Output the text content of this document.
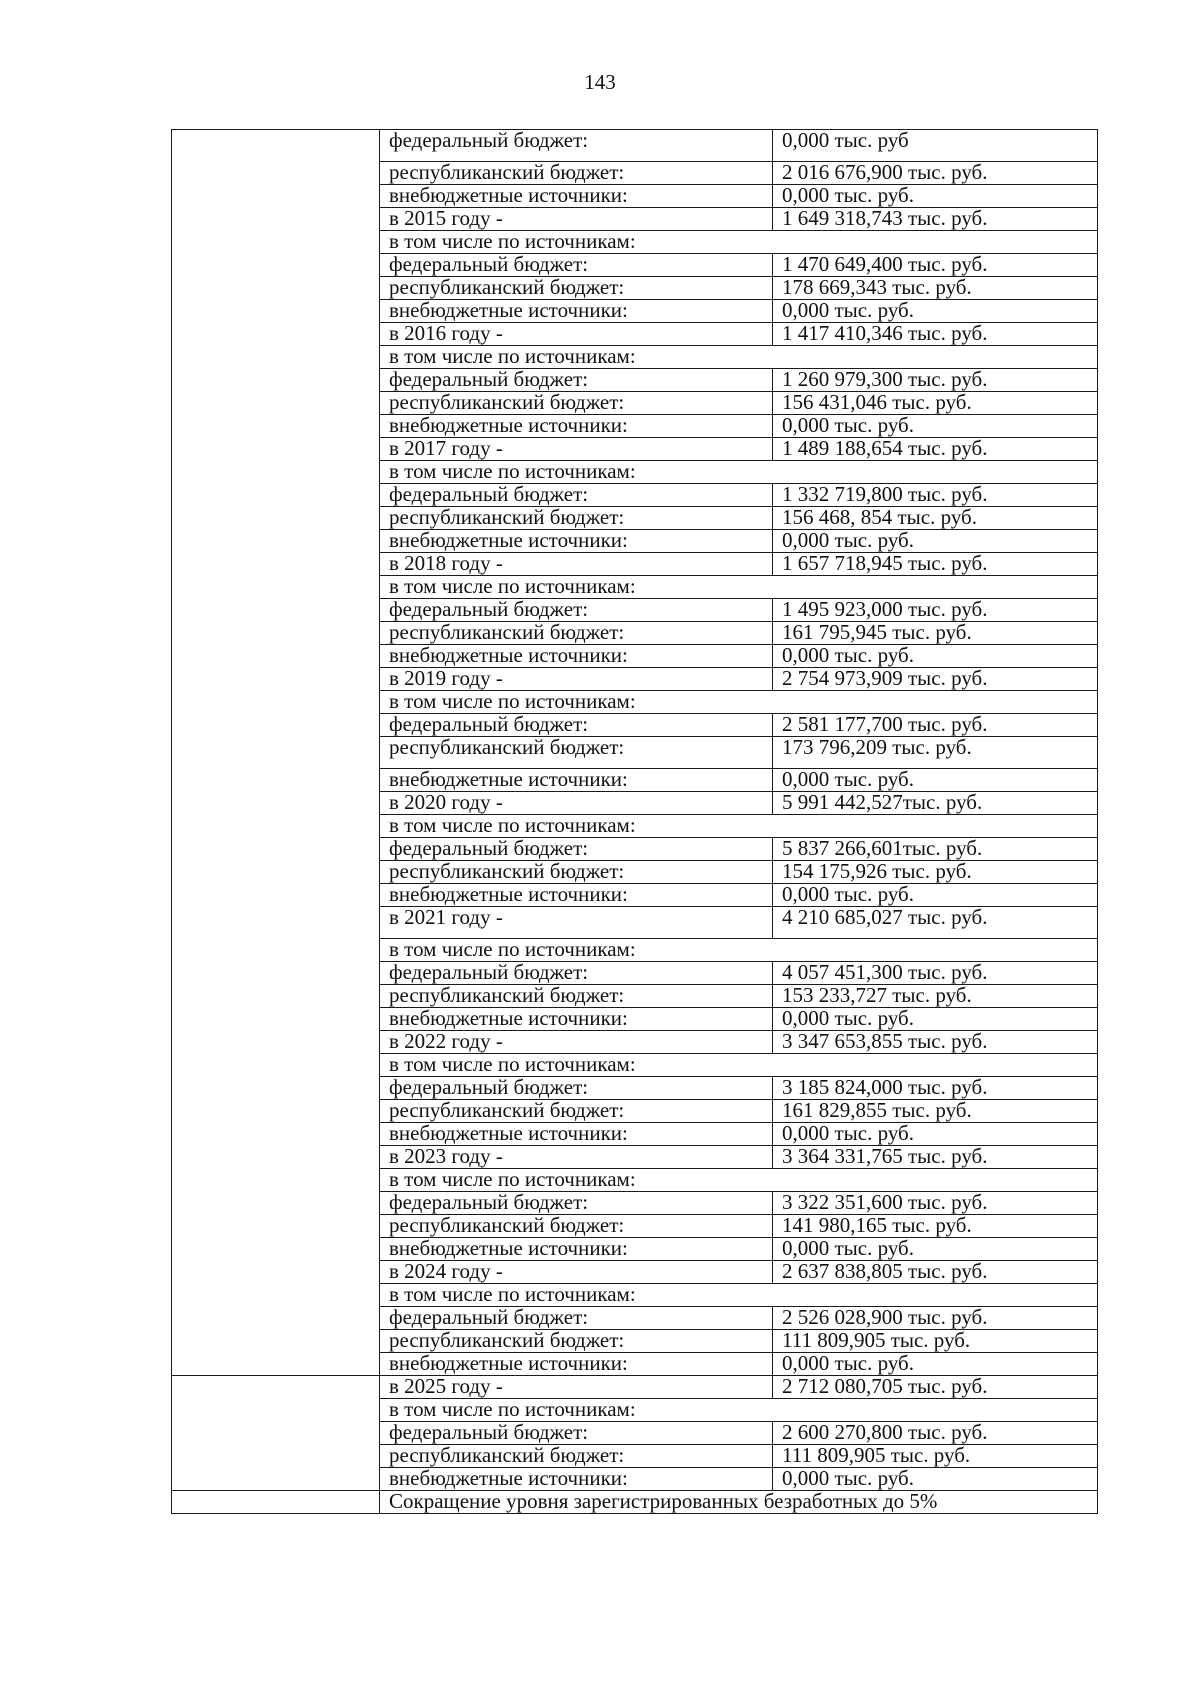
143
	федеральный бюджет:	0,000 тыс. руб
	республиканский бюджет:	2 016 676,900 тыс. руб.
	внебюджетные источники:	0,000 тыс. руб.
	в 2015 году -	1 649 318,743 тыс. руб.
	в том числе по источникам:	
	федеральный бюджет:	1 470 649,400 тыс. руб.
	республиканский бюджет:	178 669,343 тыс. руб.
	внебюджетные источники:	0,000 тыс. руб.
	в 2016 году -	1 417 410,346 тыс. руб.
	в том числе по источникам:	
	федеральный бюджет:	1 260 979,300 тыс. руб.
	республиканский бюджет:	156 431,046 тыс. руб.
	внебюджетные источники:	0,000 тыс. руб.
	в 2017 году -	1 489 188,654 тыс. руб.
	в том числе по источникам:	
	федеральный бюджет:	1 332 719,800 тыс. руб.
	республиканский бюджет:	156 468, 854 тыс. руб.
	внебюджетные источники:	0,000 тыс. руб.
	в 2018 году -	1 657 718,945 тыс. руб.
	в том числе по источникам:	
	федеральный бюджет:	1 495 923,000 тыс. руб.
	республиканский бюджет:	161 795,945 тыс. руб.
	внебюджетные источники:	0,000 тыс. руб.
	в 2019 году -	2 754 973,909 тыс. руб.
	в том числе по источникам:	
	федеральный бюджет:	2 581 177,700 тыс. руб.
	республиканский бюджет:	173 796,209 тыс. руб.
	внебюджетные источники:	0,000 тыс. руб.
	в 2020 году -	5 991 442,527тыс. руб.
	в том числе по источникам:	
	федеральный бюджет:	5 837 266,601тыс. руб.
	республиканский бюджет:	154 175,926 тыс. руб.
	внебюджетные источники:	0,000 тыс. руб.
	в 2021 году -	4 210 685,027 тыс. руб.
	в том числе по источникам:	
	федеральный бюджет:	4 057 451,300 тыс. руб.
	республиканский бюджет:	153 233,727 тыс. руб.
	внебюджетные источники:	0,000 тыс. руб.
	в 2022 году -	3 347 653,855 тыс. руб.
	в том числе по источникам:	
	федеральный бюджет:	3 185 824,000 тыс. руб.
	республиканский бюджет:	161 829,855 тыс. руб.
	внебюджетные источники:	0,000 тыс. руб.
	в 2023 году -	3 364 331,765 тыс. руб.
	в том числе по источникам:	
	федеральный бюджет:	3 322 351,600 тыс. руб.
	республиканский бюджет:	141 980,165 тыс. руб.
	внебюджетные источники:	0,000 тыс. руб.
	в 2024 году -	2 637 838,805 тыс. руб.
	в том числе по источникам:	
	федеральный бюджет:	2 526 028,900 тыс. руб.
	республиканский бюджет:	111 809,905 тыс. руб.
	внебюджетные источники:	0,000 тыс. руб.
	в 2025 году -	2 712 080,705 тыс. руб.
	в том числе по источникам:	
	федеральный бюджет:	2 600 270,800 тыс. руб.
	республиканский бюджет:	111 809,905 тыс. руб.
	внебюджетные источники:	0,000 тыс. руб.
	Сокращение уровня зарегистрированных безработных до 5%	
